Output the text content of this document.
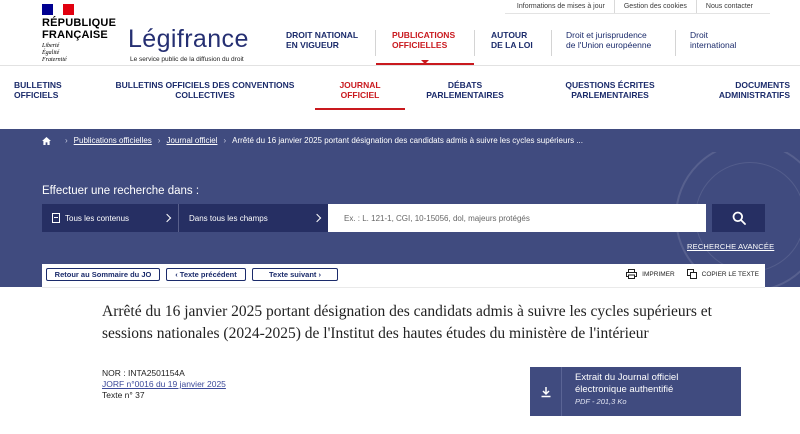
Informations de mises à jour	Gestion des cookies	Nous contacter
RÉPUBLIQUE
FRANÇAISE
Liberté
Égalité
Fraternité
Légifrance
Le service public de la diffusion du droit
DROIT NATIONAL
EN VIGUEUR
PUBLICATIONS
OFFICIELLES
AUTOUR
DE LA LOI
Droit et jurisprudence
de l'Union européenne
Droit
international
BULLETINS
OFFICIELS
BULLETINS OFFICIELS DES CONVENTIONS
COLLECTIVES
JOURNAL
OFFICIEL
DÉBATS
PARLEMENTAIRES
QUESTIONS ÉCRITES
PARLEMENTAIRES
DOCUMENTS
ADMINISTRATIFS
› Publications officielles › Journal officiel › Arrêté du 16 janvier 2025 portant désignation des candidats admis à suivre les cycles supérieurs ...
Effectuer une recherche dans :
Tous les contenus	Dans tous les champs
Ex. : L. 121-1, CGI, 10-15056, dol, majeurs protégés
RECHERCHE AVANCÉE
Retour au Sommaire du JO	‹ Texte précédent	Texte suivant ›	IMPRIMER	COPIER LE TEXTE
Arrêté du 16 janvier 2025 portant désignation des candidats admis à suivre les cycles supérieurs et sessions nationales (2024-2025) de l'Institut des hautes études du ministère de l'intérieur
NOR : INTA2501154A
JORF n°0016 du 19 janvier 2025
Texte n° 37
Extrait du Journal officiel
électronique authentifié
PDF - 201,3 Ko
